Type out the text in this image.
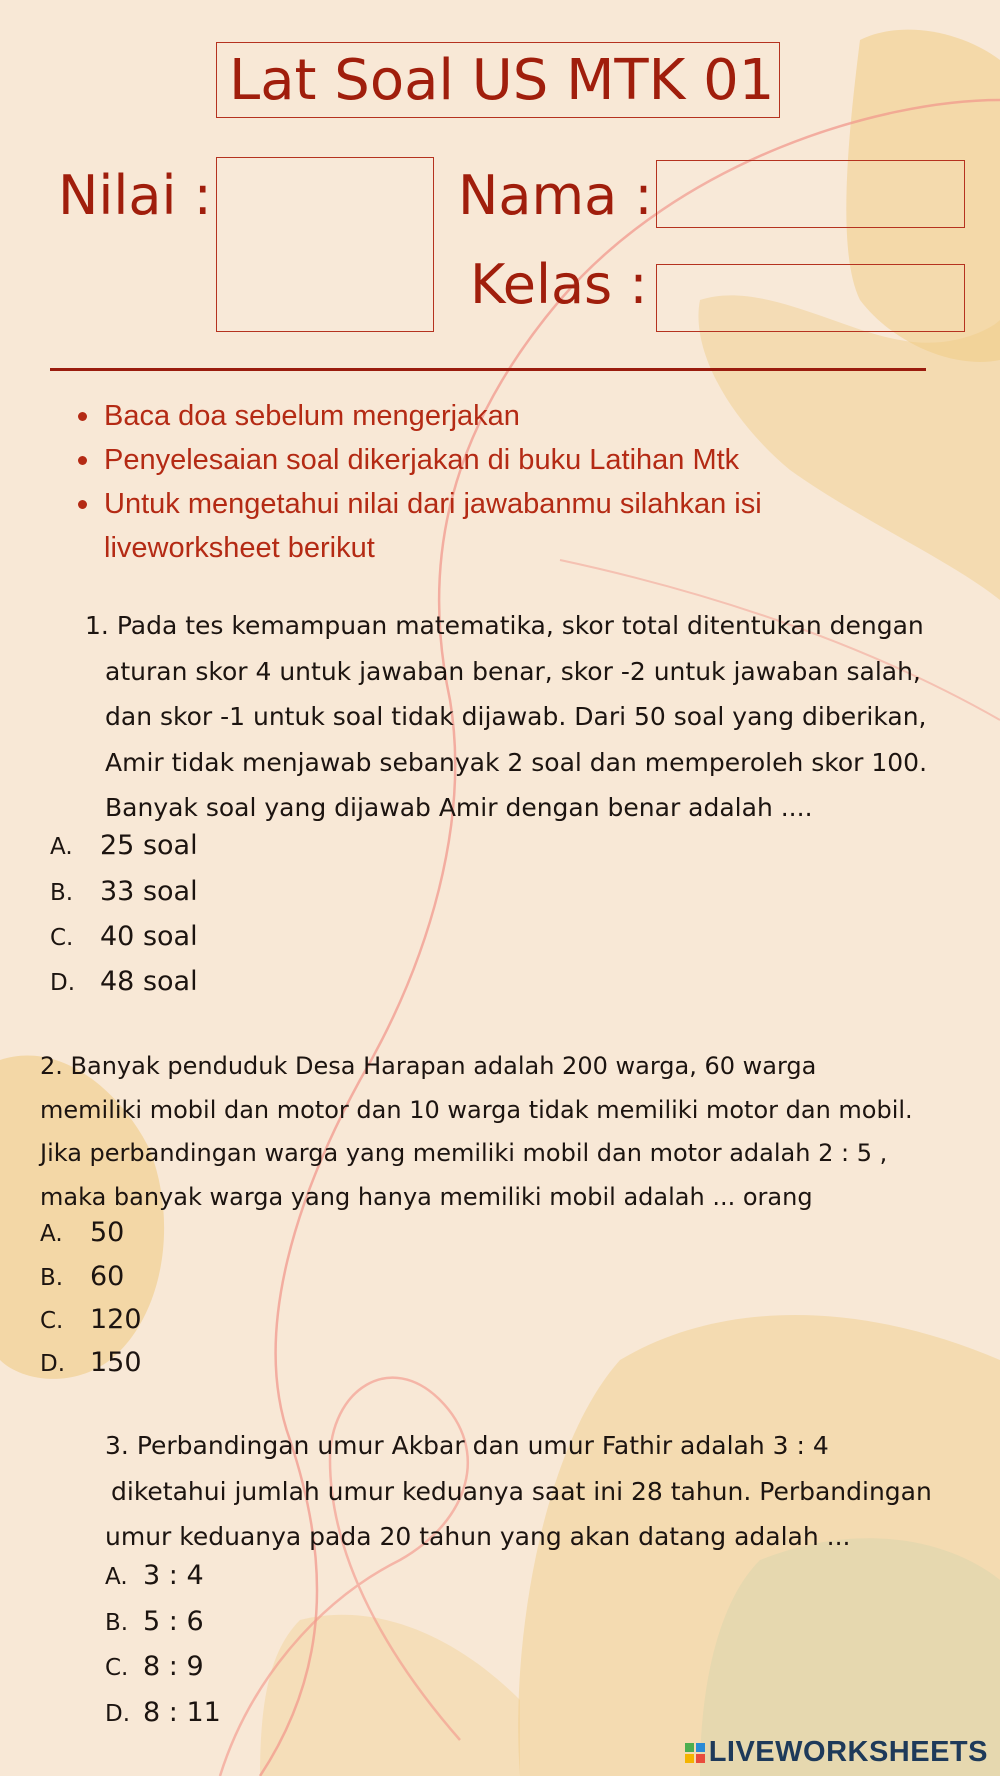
Lat Soal US MTK 01
Nilai :	Nama :
Kelas :
Baca doa sebelum mengerjakan
Penyelesaian soal dikerjakan di buku Latihan Mtk
Untuk mengetahui nilai dari jawabanmu silahkan isi liveworksheet berikut

1. Pada tes kemampuan matematika, skor total ditentukan dengan

aturan skor 4 untuk jawaban benar, skor -2 untuk jawaban salah,

dan skor -1 untuk soal tidak dijawab. Dari 50 soal yang diberikan,

Amir tidak menjawab sebanyak 2 soal dan memperoleh skor 100.

Banyak soal yang dijawab Amir dengan benar adalah ....

A. 25 soal
B. 33 soal
C. 40 soal
D. 48 soal

2. Banyak penduduk Desa Harapan adalah 200 warga, 60 warga

memiliki mobil dan motor dan 10 warga tidak memiliki motor dan mobil.

Jika perbandingan warga yang memiliki mobil dan motor adalah 2 : 5 ,

maka banyak warga yang hanya memiliki mobil adalah ... orang

A. 50
B. 60
C. 120
D. 150

3. Perbandingan umur Akbar dan umur Fathir adalah 3 : 4

diketahui jumlah umur keduanya saat ini 28 tahun. Perbandingan

umur keduanya pada 20 tahun yang akan datang adalah ...

A. 3 : 4
B. 5 : 6
C. 8 : 9
D. 8 : 11
LIVEWORKSHEETS
